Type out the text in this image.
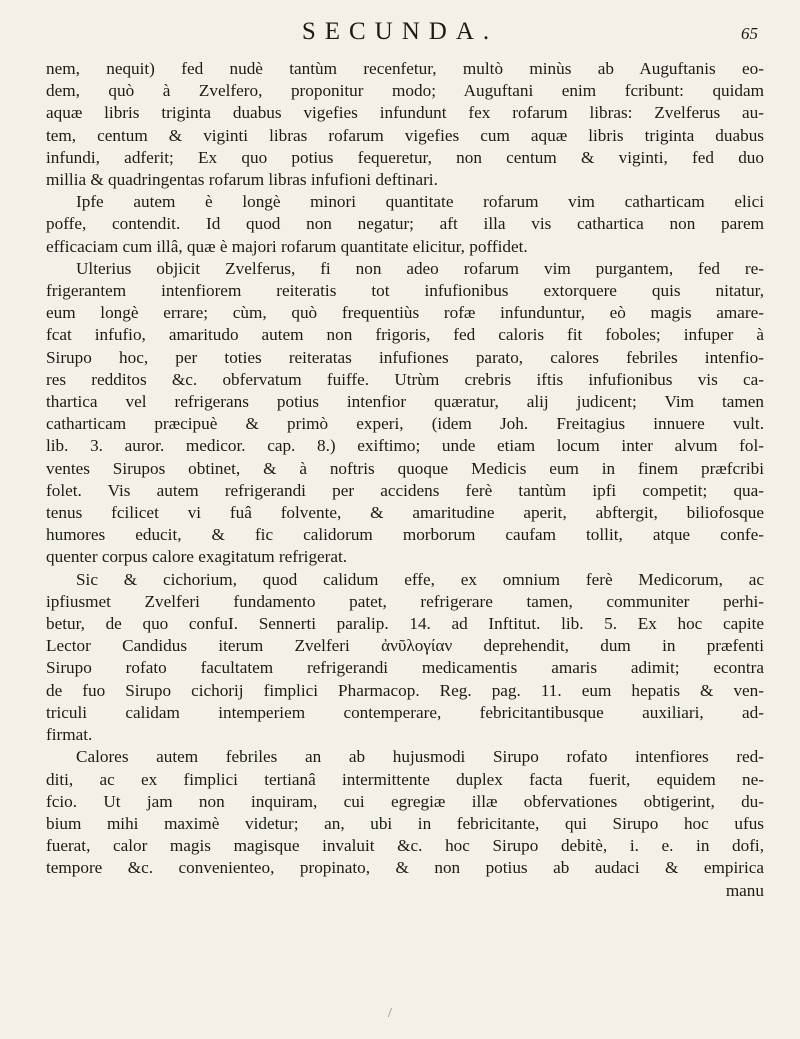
SECUNDA.	65
nem, nequit) fed nudè tantùm recenfetur, multò minùs ab Auguftanis eo-
dem, quò à Zvelfero, proponitur modo; Auguftani enim fcribunt: quidam
aquæ libris triginta duabus vigefies infundunt fex rofarum libras: Zvelferus au-
tem, centum & viginti libras rofarum vigefies cum aquæ libris triginta duabus
infundi, adferit; Ex quo potius fequeretur, non centum & viginti, fed duo
millia & quadringentas rofarum libras infufioni deftinari.
Ipfe autem è longè minori quantitate rofarum vim catharticam elici
poffe, contendit. Id quod non negatur; aft illa vis cathartica non parem
efficaciam cum illâ, quæ è majori rofarum quantitate elicitur, poffidet.
Ulterius objicit Zvelferus, fi non adeo rofarum vim purgantem, fed re-
frigerantem intenfiorem reiteratis tot infufionibus extorquere quis nitatur,
eum longè errare; cùm, quò frequentiùs rofæ infunduntur, eò magis amare-
fcat infufio, amaritudo autem non frigoris, fed caloris fit foboles; infuper à
Sirupo hoc, per toties reiteratas infufiones parato, calores febriles intenfio-
res redditos &c. obfervatum fuiffe. Utrùm crebris iftis infufionibus vis ca-
thartica vel refrigerans potius intenfior quæratur, alij judicent; Vim tamen
catharticam præcipuè & primò experi, (idem Joh. Freitagius innuere vult.
lib. 3. auror. medicor. cap. 8.) exiftimo; unde etiam locum inter alvum fol-
ventes Sirupos obtinet, & à noftris quoque Medicis eum in finem præfcribi
folet. Vis autem refrigerandi per accidens ferè tantùm ipfi competit; qua-
tenus fcilicet vi fuâ folvente, & amaritudine aperit, abftergit, biliofosque
humores educit, & fic calidorum morborum caufam tollit, atque confe-
quenter corpus calore exagitatum refrigerat.
Sic & cichorium, quod calidum effe, ex omnium ferè Medicorum, ac
ipfiusmet Zvelferi fundamento patet, refrigerare tamen, communiter perhi-
betur, de quo confuI. Sennerti paralip. 14. ad Inftitut. lib. 5. Ex hoc capite
Lector Candidus iterum Zvelferi ἀνῦλογίαν deprehendit, dum in præfenti
Sirupo rofato facultatem refrigerandi medicamentis amaris adimit; econtra
de fuo Sirupo cichorij fimplici Pharmacop. Reg. pag. 11. eum hepatis & ven-
triculi calidam intemperiem contemperare, febricitantibusque auxiliari, ad-
firmat.
Calores autem febriles an ab hujusmodi Sirupo rofato intenfiores red-
diti, ac ex fimplici tertianâ intermittente duplex facta fuerit, equidem ne-
fcio. Ut jam non inquiram, cui egregiæ illæ obfervationes obtigerint, du-
bium mihi maximè videtur; an, ubi in febricitante, qui Sirupo hoc ufus
fuerat, calor magis magisque invaluit &c. hoc Sirupo debitè, i. e. in dofi,
tempore &c. convenienteo, propinato, & non potius ab audaci & empirica
manu
/
